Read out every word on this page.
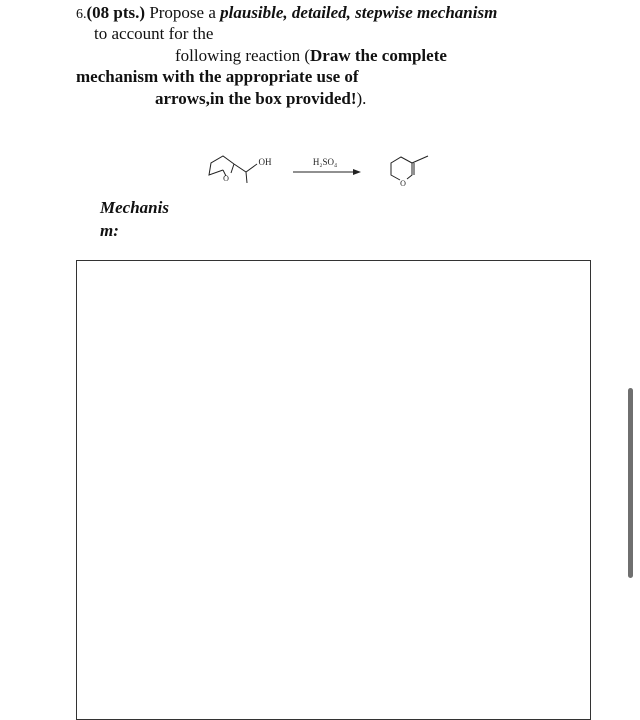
6.(08 pts.) Propose a plausible, detailed, stepwise mechanism
to account for the
following reaction (Draw the complete
mechanism with the appropriate use of
arrows,in the box provided!).
O
OH	H₂SO₄
O
Mechanis
m:
